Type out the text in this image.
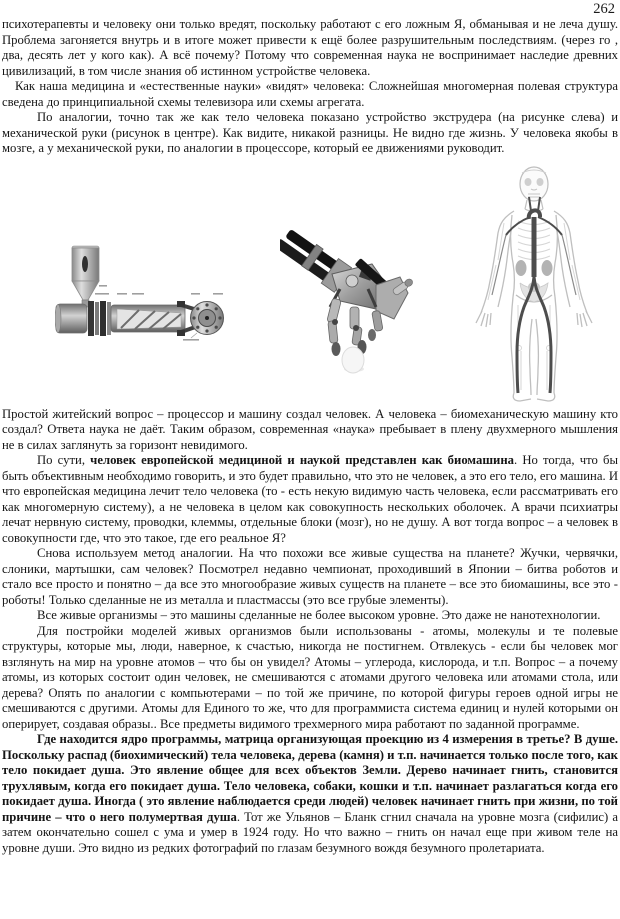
262

психотерапевты и человеку они только вредят, поскольку работают с его ложным Я, обманывая и не леча душу. Проблема загоняется внутрь и в итоге может привести к ещё более разрушительным последствиям. (через го , два, десять лет у кого как). А всё почему? Потому что современная наука не воспринимает наследие древних цивилизаций, в том числе знания об истинном устройстве человека.

Как наша медицина и «естественные науки» «видят» человека: Сложнейшая многомерная полевая структура сведена до принципиальной схемы телевизора или схемы агрегата.

По аналогии, точно так же как тело человека показано устройство экструдера (на рисунке слева) и механической руки (рисунок в центре). Как видите, никакой разницы. Не видно где жизнь. У человека якобы в мозге, а у механической руки, по аналогии в процессоре, который ее движениями руководит.

Простой житейский вопрос – процессор и машину создал человек. А человека – биомеханическую машину кто создал? Ответа наука не даёт. Таким образом, современная «наука» пребывает в плену двухмерного мышления не в силах заглянуть за горизонт невидимого.

По сути, человек европейской медициной и наукой представлен как биомашина. Но тогда, что бы быть объективным необходимо говорить, и это будет правильно, что это не человек, а это его тело, его машина. И что европейская медицина лечит тело человека (то - есть некую видимую часть человека, если рассматривать его как многомерную систему), а не человека в целом как совокупность нескольких оболочек. А врачи психиатры лечат нервную систему, проводки, клеммы, отдельные блоки (мозг), но не душу. А вот тогда вопрос – а человек в совокупности где, что это такое, где его реальное Я?

Снова используем метод аналогии. На что похожи все живые существа на планете? Жучки, червячки, слоники, мартышки, сам человек? Посмотрел недавно чемпионат, проходивший в Японии – битва роботов и стало все просто и понятно – да все это многообразие живых существ на планете – все это биомашины, все это - роботы! Только сделанные не из металла и пластмассы (это все грубые элементы).

Все живые организмы – это машины сделанные не более высоком уровне. Это даже не нанотехнологии.

Для постройки моделей живых организмов были использованы - атомы, молекулы и те полевые структуры, которые мы, люди, наверное, к счастью, никогда не постигнем. Отвлекусь - если бы человек мог взглянуть на мир на уровне атомов – что бы он увидел? Атомы – углерода, кислорода, и т.п. Вопрос – а почему атомы, из которых состоит один человек, не смешиваются с атомами другого человека или атомами стола, или дерева? Опять по аналогии с компьютерами – по той же причине, по которой фигуры героев одной игры не смешиваются с другими. Атомы для Единого то же, что для программиста система единиц и нулей которыми он оперирует, создавая образы.. Все предметы видимого трехмерного мира работают по заданной программе.

Где находится ядро программы, матрица организующая проекцию из 4 измерения в третье? В душе. Поскольку распад (биохимический) тела человека, дерева (камня) и т.п. начинается только после того, как тело покидает душа. Это явление общее для всех объектов Земли. Дерево начинает гнить, становится трухлявым, когда его покидает душа. Тело человека, собаки, кошки и т.п. начинает разлагаться когда его покидает душа. Иногда ( это явление наблюдается среди людей) человек начинает гнить при жизни, по той причине – что о него полумертвая душа. Тот же Ульянов – Бланк сгнил сначала на уровне мозга (сифилис) а затем окончательно сошел с ума и умер в 1924 году. Но что важно – гнить он начал еще при живом теле на уровне души. Это видно из редких фотографий по глазам безумного вождя безумного пролетариата.
